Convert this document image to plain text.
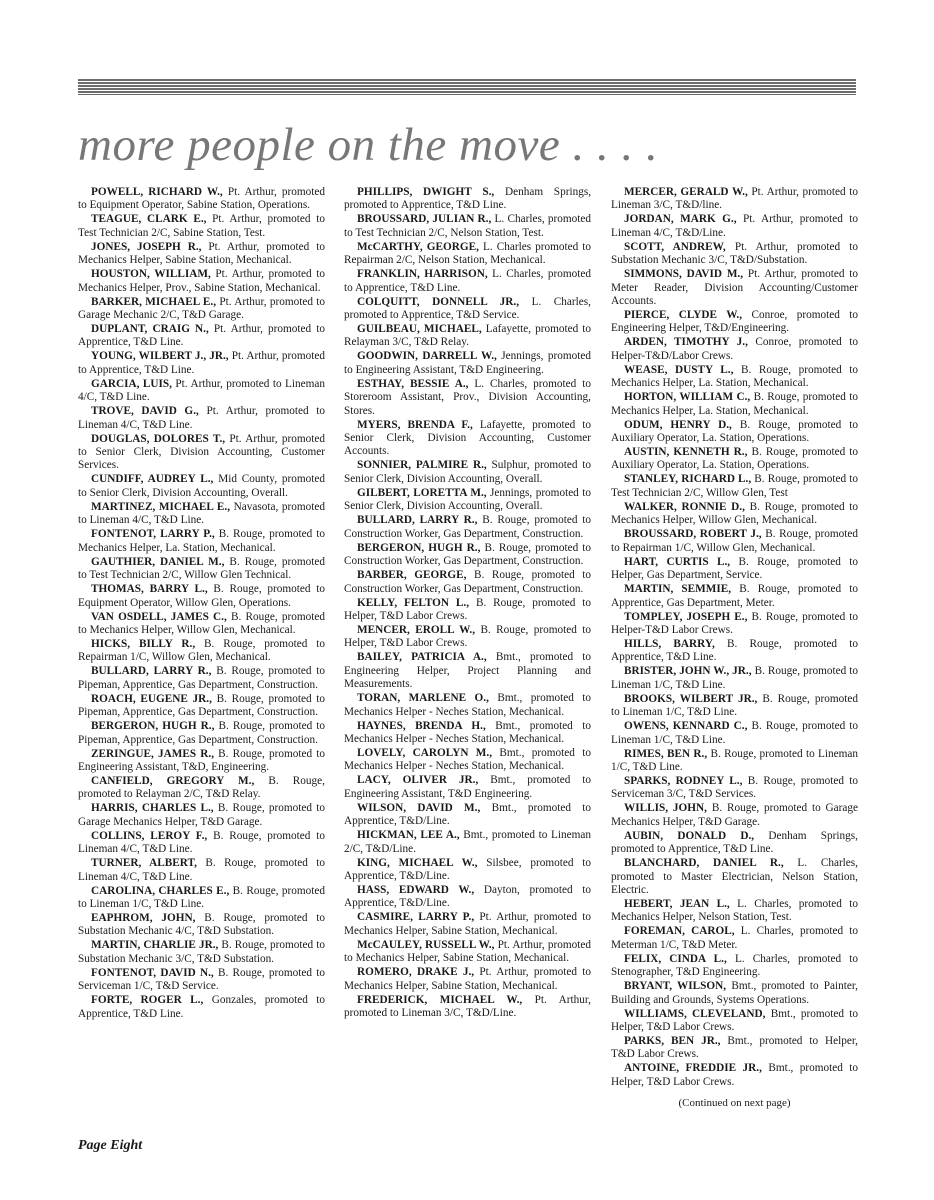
more people on the move . . . .

POWELL, RICHARD W., Pt. Arthur, promoted to Equipment Operator, Sabine Station, Operations.

TEAGUE, CLARK E., Pt. Arthur, promoted to Test Technician 2/C, Sabine Station, Test.

JONES, JOSEPH R., Pt. Arthur, promoted to Mechanics Helper, Sabine Station, Mechanical.

HOUSTON, WILLIAM, Pt. Arthur, promoted to Mechanics Helper, Prov., Sabine Station, Mechanical.

BARKER, MICHAEL E., Pt. Arthur, promoted to Garage Mechanic 2/C, T&D Garage.

DUPLANT, CRAIG N., Pt. Arthur, promoted to Apprentice, T&D Line.

YOUNG, WILBERT J., JR., Pt. Arthur, promoted to Apprentice, T&D Line.

GARCIA, LUIS, Pt. Arthur, promoted to Lineman 4/C, T&D Line.

TROVE, DAVID G., Pt. Arthur, promoted to Lineman 4/C, T&D Line.

DOUGLAS, DOLORES T., Pt. Arthur, promoted to Senior Clerk, Division Accounting, Customer Services.

CUNDIFF, AUDREY L., Mid County, promoted to Senior Clerk, Division Accounting, Overall.

MARTINEZ, MICHAEL E., Navasota, promoted to Lineman 4/C, T&D Line.

FONTENOT, LARRY P., B. Rouge, promoted to Mechanics Helper, La. Station, Mechanical.

GAUTHIER, DANIEL M., B. Rouge, promoted to Test Technician 2/C, Willow Glen Technical.

THOMAS, BARRY L., B. Rouge, promoted to Equipment Operator, Willow Glen, Operations.

VAN OSDELL, JAMES C., B. Rouge, promoted to Mechanics Helper, Willow Glen, Mechanical.

HICKS, BILLY R., B. Rouge, promoted to Repairman 1/C, Willow Glen, Mechanical.

BULLARD, LARRY R., B. Rouge, promoted to Pipeman, Apprentice, Gas Department, Construction.

ROACH, EUGENE JR., B. Rouge, promoted to Pipeman, Apprentice, Gas Department, Construction.

BERGERON, HUGH R., B. Rouge, promoted to Pipeman, Apprentice, Gas Department, Construction.

ZERINGUE, JAMES R., B. Rouge, promoted to Engineering Assistant, T&D, Engineering.

CANFIELD, GREGORY M., B. Rouge, promoted to Relayman 2/C, T&D Relay.

HARRIS, CHARLES L., B. Rouge, promoted to Garage Mechanics Helper, T&D Garage.

COLLINS, LEROY F., B. Rouge, promoted to Lineman 4/C, T&D Line.

TURNER, ALBERT, B. Rouge, promoted to Lineman 4/C, T&D Line.

CAROLINA, CHARLES E., B. Rouge, promoted to Lineman 1/C, T&D Line.

EAPHROM, JOHN, B. Rouge, promoted to Substation Mechanic 4/C, T&D Substation.

MARTIN, CHARLIE JR., B. Rouge, promoted to Substation Mechanic 3/C, T&D Substation.

FONTENOT, DAVID N., B. Rouge, promoted to Serviceman 1/C, T&D Service.

FORTE, ROGER L., Gonzales, promoted to Apprentice, T&D Line.

PHILLIPS, DWIGHT S., Denham Springs, promoted to Apprentice, T&D Line.

BROUSSARD, JULIAN R., L. Charles, promoted to Test Technician 2/C, Nelson Station, Test.

McCARTHY, GEORGE, L. Charles promoted to Repairman 2/C, Nelson Station, Mechanical.

FRANKLIN, HARRISON, L. Charles, promoted to Apprentice, T&D Line.

COLQUITT, DONNELL JR., L. Charles, promoted to Apprentice, T&D Service.

GUILBEAU, MICHAEL, Lafayette, promoted to Relayman 3/C, T&D Relay.

GOODWIN, DARRELL W., Jennings, promoted to Engineering Assistant, T&D Engineering.

ESTHAY, BESSIE A., L. Charles, promoted to Storeroom Assistant, Prov., Division Accounting, Stores.

MYERS, BRENDA F., Lafayette, promoted to Senior Clerk, Division Accounting, Customer Accounts.

SONNIER, PALMIRE R., Sulphur, promoted to Senior Clerk, Division Accounting, Overall.

GILBERT, LORETTA M., Jennings, promoted to Senior Clerk, Division Accounting, Overall.

BULLARD, LARRY R., B. Rouge, promoted to Construction Worker, Gas Department, Construction.

BERGERON, HUGH R., B. Rouge, promoted to Construction Worker, Gas Department, Construction.

BARBER, GEORGE, B. Rouge, promoted to Construction Worker, Gas Department, Construction.

KELLY, FELTON L., B. Rouge, promoted to Helper, T&D Labor Crews.

MENCER, EROLL W., B. Rouge, promoted to Helper, T&D Labor Crews.

BAILEY, PATRICIA A., Bmt., promoted to Engineering Helper, Project Planning and Measurements.

TORAN, MARLENE O., Bmt., promoted to Mechanics Helper - Neches Station, Mechanical.

HAYNES, BRENDA H., Bmt., promoted to Mechanics Helper - Neches Station, Mechanical.

LOVELY, CAROLYN M., Bmt., promoted to Mechanics Helper - Neches Station, Mechanical.

LACY, OLIVER JR., Bmt., promoted to Engineering Assistant, T&D Engineering.

WILSON, DAVID M., Bmt., promoted to Apprentice, T&D/Line.

HICKMAN, LEE A., Bmt., promoted to Lineman 2/C, T&D/Line.

KING, MICHAEL W., Silsbee, promoted to Apprentice, T&D/Line.

HASS, EDWARD W., Dayton, promoted to Apprentice, T&D/Line.

CASMIRE, LARRY P., Pt. Arthur, promoted to Mechanics Helper, Sabine Station, Mechanical.

McCAULEY, RUSSELL W., Pt. Arthur, promoted to Mechanics Helper, Sabine Station, Mechanical.

ROMERO, DRAKE J., Pt. Arthur, promoted to Mechanics Helper, Sabine Station, Mechanical.

FREDERICK, MICHAEL W., Pt. Arthur, promoted to Lineman 3/C, T&D/Line.

MERCER, GERALD W., Pt. Arthur, promoted to Lineman 3/C, T&D/line.

JORDAN, MARK G., Pt. Arthur, promoted to Lineman 4/C, T&D/Line.

SCOTT, ANDREW, Pt. Arthur, promoted to Substation Mechanic 3/C, T&D/Substation.

SIMMONS, DAVID M., Pt. Arthur, promoted to Meter Reader, Division Accounting/Customer Accounts.

PIERCE, CLYDE W., Conroe, promoted to Engineering Helper, T&D/Engineering.

ARDEN, TIMOTHY J., Conroe, promoted to Helper-T&D/Labor Crews.

WEASE, DUSTY L., B. Rouge, promoted to Mechanics Helper, La. Station, Mechanical.

HORTON, WILLIAM C., B. Rouge, promoted to Mechanics Helper, La. Station, Mechanical.

ODUM, HENRY D., B. Rouge, promoted to Auxiliary Operator, La. Station, Operations.

AUSTIN, KENNETH R., B. Rouge, promoted to Auxiliary Operator, La. Station, Operations.

STANLEY, RICHARD L., B. Rouge, promoted to Test Technician 2/C, Willow Glen, Test

WALKER, RONNIE D., B. Rouge, promoted to Mechanics Helper, Willow Glen, Mechanical.

BROUSSARD, ROBERT J., B. Rouge, promoted to Repairman 1/C, Willow Glen, Mechanical.

HART, CURTIS L., B. Rouge, promoted to Helper, Gas Department, Service.

MARTIN, SEMMIE, B. Rouge, promoted to Apprentice, Gas Department, Meter.

TOMPLEY, JOSEPH E., B. Rouge, promoted to Helper-T&D Labor Crews.

HILLS, BARRY, B. Rouge, promoted to Apprentice, T&D Line.

BRISTER, JOHN W., JR., B. Rouge, promoted to Lineman 1/C, T&D Line.

BROOKS, WILBERT JR., B. Rouge, promoted to Lineman 1/C, T&D Line.

OWENS, KENNARD C., B. Rouge, promoted to Lineman 1/C, T&D Line.

RIMES, BEN R., B. Rouge, promoted to Lineman 1/C, T&D Line.

SPARKS, RODNEY L., B. Rouge, promoted to Serviceman 3/C, T&D Services.

WILLIS, JOHN, B. Rouge, promoted to Garage Mechanics Helper, T&D Garage.

AUBIN, DONALD D., Denham Springs, promoted to Apprentice, T&D Line.

BLANCHARD, DANIEL R., L. Charles, promoted to Master Electrician, Nelson Station, Electric.

HEBERT, JEAN L., L. Charles, promoted to Mechanics Helper, Nelson Station, Test.

FOREMAN, CAROL, L. Charles, promoted to Meterman 1/C, T&D Meter.

FELIX, CINDA L., L. Charles, promoted to Stenographer, T&D Engineering.

BRYANT, WILSON, Bmt., promoted to Painter, Building and Grounds, Systems Operations.

WILLIAMS, CLEVELAND, Bmt., promoted to Helper, T&D Labor Crews.

PARKS, BEN JR., Bmt., promoted to Helper, T&D Labor Crews.

ANTOINE, FREDDIE JR., Bmt., promoted to Helper, T&D Labor Crews.

(Continued on next page)
Page Eight
